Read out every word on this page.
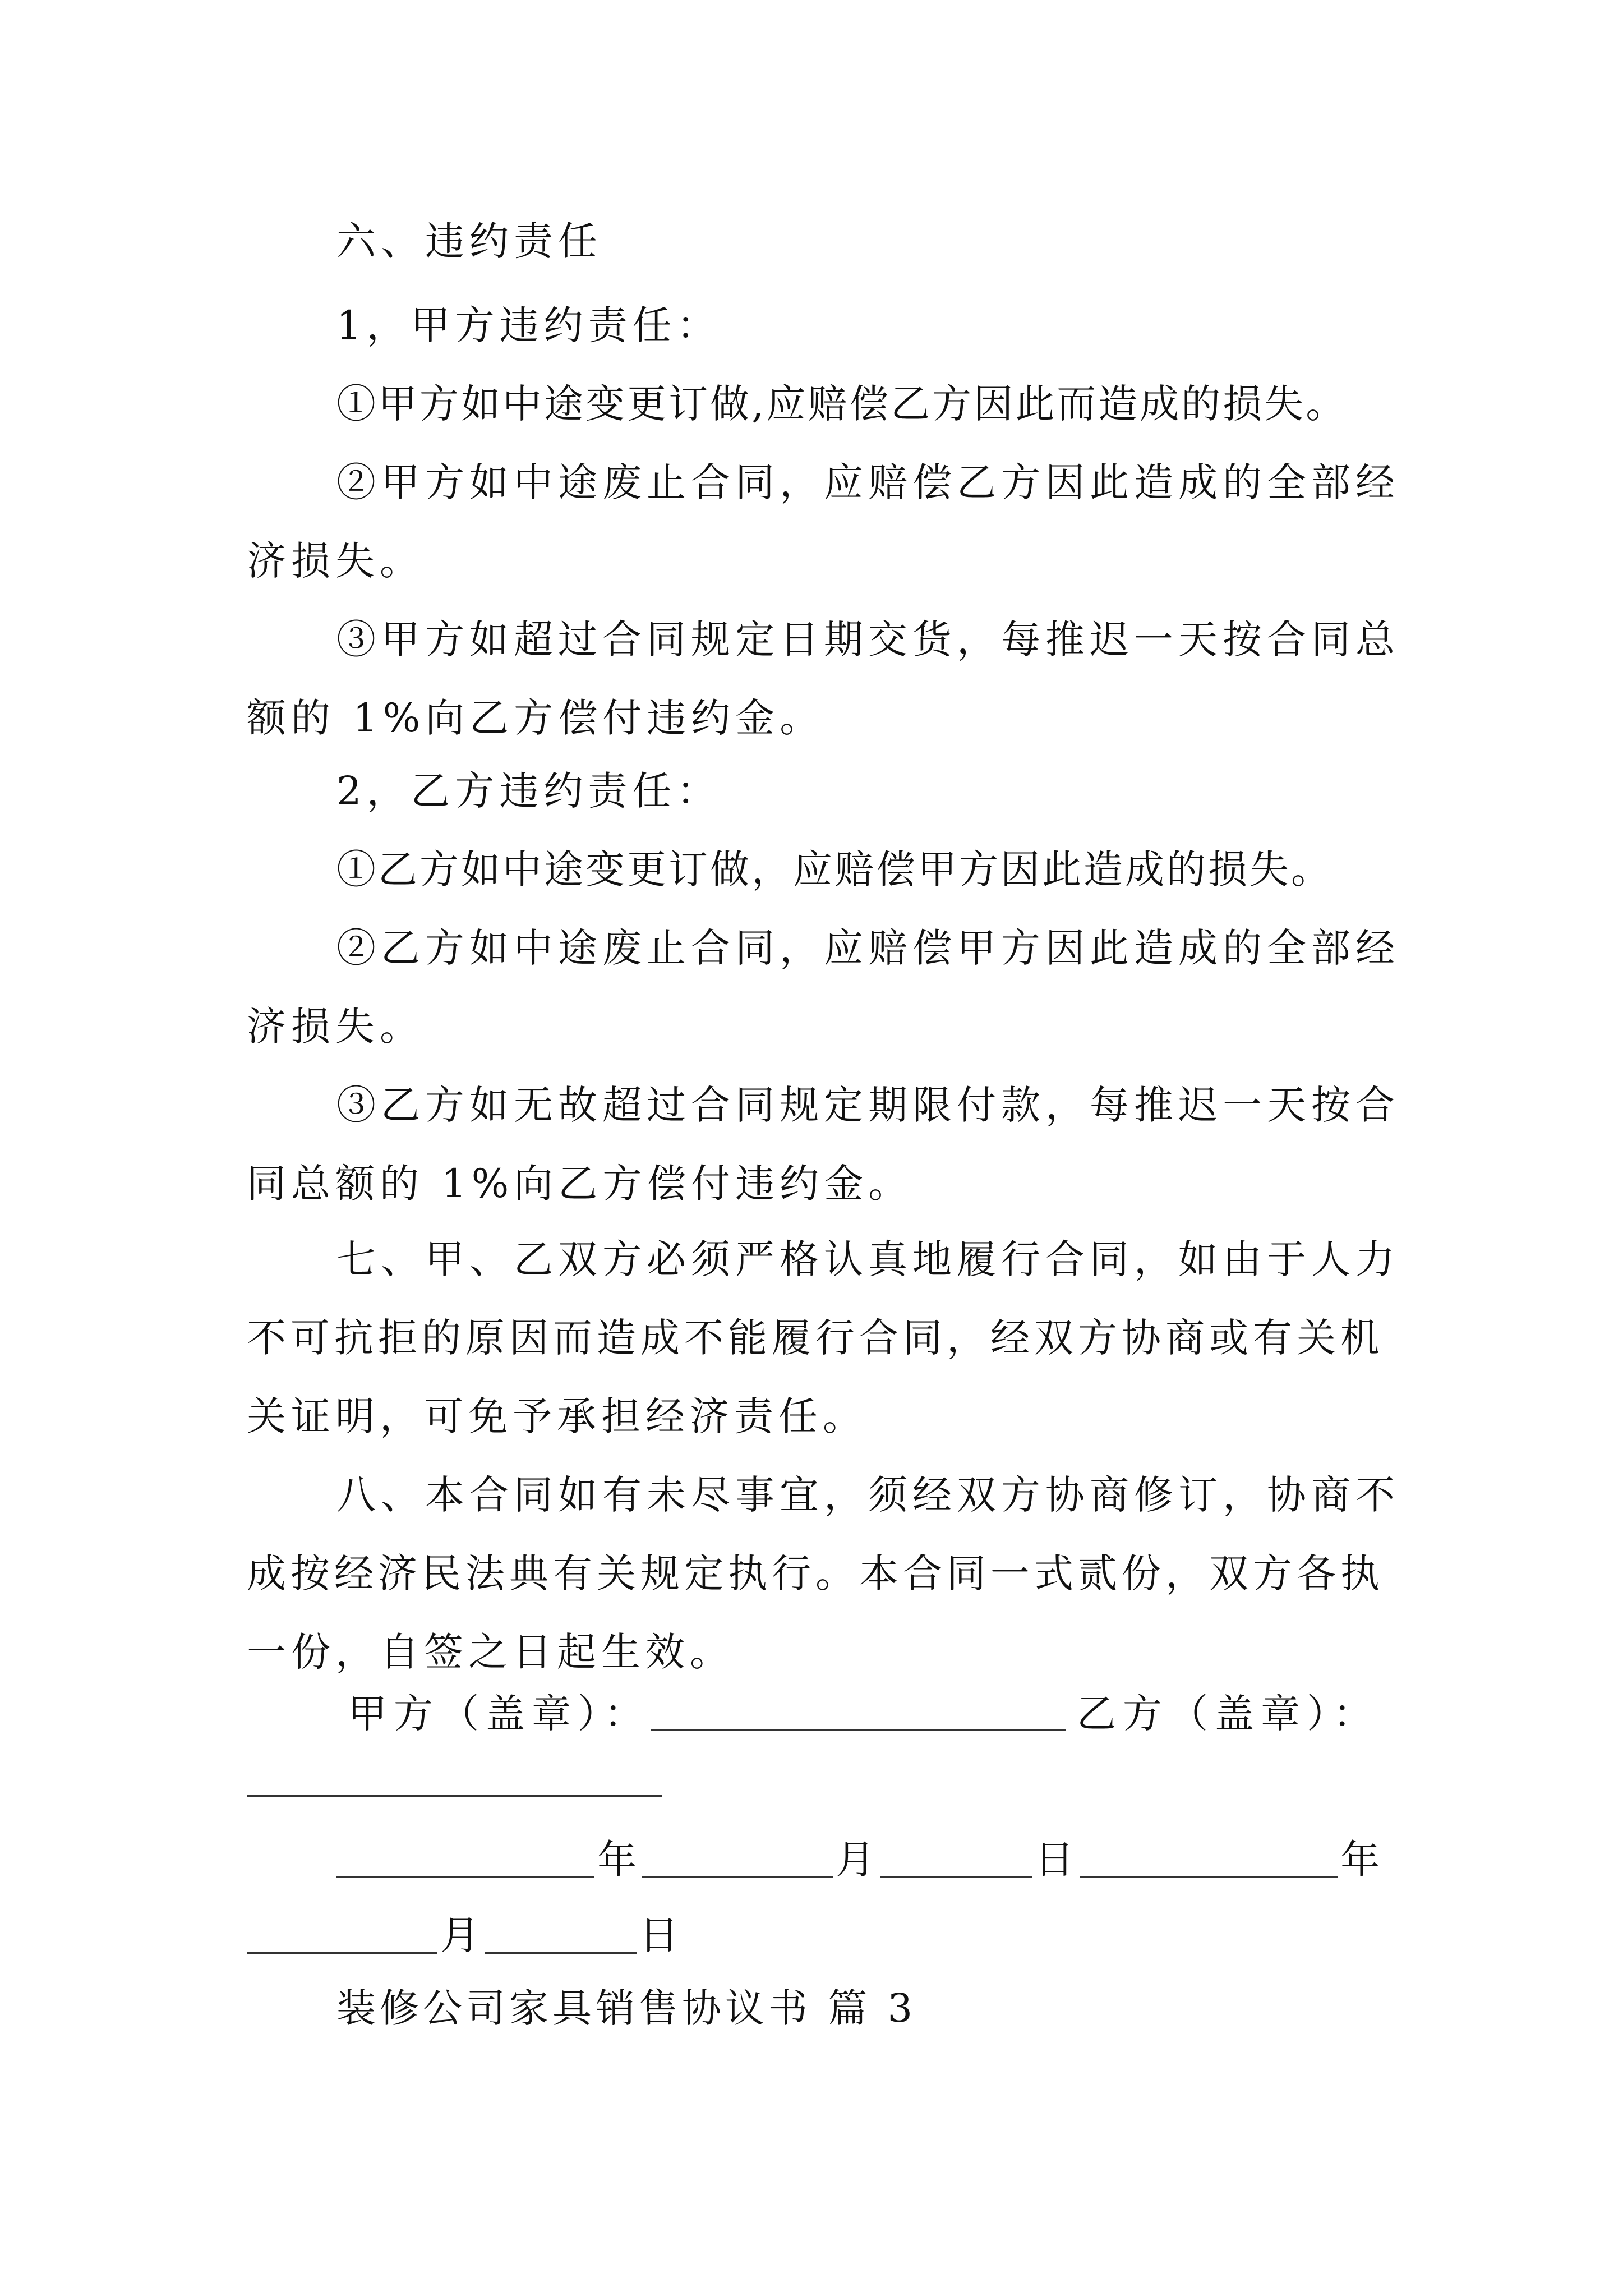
六、违约责任
1，甲方违约责任：
①甲方如中途变更订做,应赔偿乙方因此而造成的损失。
②甲方如中途废止合同，应赔偿乙方因此造成的全部经
济损失。
③甲方如超过合同规定日期交货，每推迟一天按合同总
额的 1%向乙方偿付违约金。
2，乙方违约责任：
①乙方如中途变更订做，应赔偿甲方因此造成的损失。
②乙方如中途废止合同，应赔偿甲方因此造成的全部经
济损失。
③乙方如无故超过合同规定期限付款，每推迟一天按合
同总额的 1%向乙方偿付违约金。
七、甲、乙双方必须严格认真地履行合同，如由于人力
不可抗拒的原因而造成不能履行合同，经双方协商或有关机
关证明，可免予承担经济责任。
八、本合同如有未尽事宜，须经双方协商修订，协商不
成按经济民法典有关规定执行。本合同一式贰份，双方各执
一份，自签之日起生效。
甲方（盖章）：	乙方（盖章）：
年	月	日	年
月	日
装修公司家具销售协议书 篇 3
